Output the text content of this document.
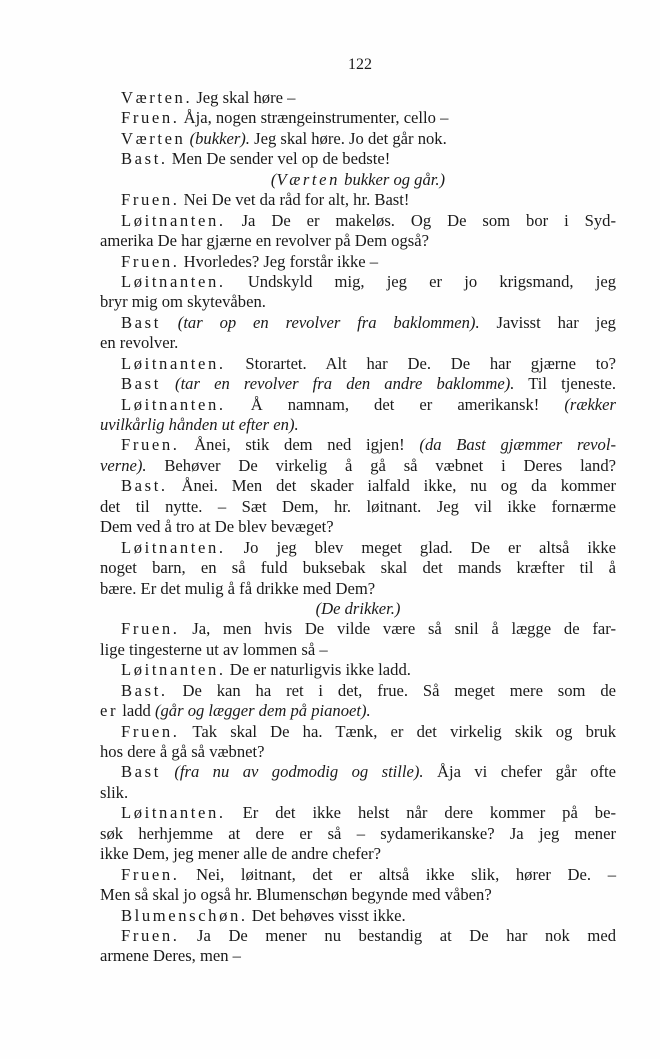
122
Værten. Jeg skal høre –
Fruen. Åja, nogen strængeinstrumenter, cello –
Værten (bukker). Jeg skal høre. Jo det går nok.
Bast. Men De sender vel op de bedste!
(Værten bukker og går.)
Fruen. Nei De vet da råd for alt, hr. Bast!
Løitnanten. Ja De er makeløs. Og De som bor i Syd-
amerika De har gjærne en revolver på Dem også?
Fruen. Hvorledes? Jeg forstår ikke –
Løitnanten. Undskyld mig, jeg er jo krigsmand, jeg
bryr mig om skytevåben.
Bast (tar op en revolver fra baklommen). Javisst har jeg
en revolver.
Løitnanten. Storartet. Alt har De. De har gjærne to?
Bast (tar en revolver fra den andre baklomme). Til tjeneste.
Løitnanten. Å namnam, det er amerikansk! (rækker
uvilkårlig hånden ut efter en).
Fruen. Ånei, stik dem ned igjen! (da Bast gjæmmer revol-
verne). Behøver De virkelig å gå så væbnet i Deres land?
Bast. Ånei. Men det skader ialfald ikke, nu og da kommer
det til nytte. – Sæt Dem, hr. løitnant. Jeg vil ikke fornærme
Dem ved å tro at De blev bevæget?
Løitnanten. Jo jeg blev meget glad. De er altså ikke
noget barn, en så fuld buksebak skal det mands kræfter til å
bære. Er det mulig å få drikke med Dem?
(De drikker.)
Fruen. Ja, men hvis De vilde være så snil å lægge de far-
lige tingesterne ut av lommen så –
Løitnanten. De er naturligvis ikke ladd.
Bast. De kan ha ret i det, frue. Så meget mere som de
er ladd (går og lægger dem på pianoet).
Fruen. Tak skal De ha. Tænk, er det virkelig skik og bruk
hos dere å gå så væbnet?
Bast (fra nu av godmodig og stille). Åja vi chefer går ofte
slik.
Løitnanten. Er det ikke helst når dere kommer på be-
søk herhjemme at dere er så – sydamerikanske? Ja jeg mener
ikke Dem, jeg mener alle de andre chefer?
Fruen. Nei, løitnant, det er altså ikke slik, hører De. –
Men så skal jo også hr. Blumenschøn begynde med våben?
Blumenschøn. Det behøves visst ikke.
Fruen. Ja De mener nu bestandig at De har nok med
armene Deres, men –
